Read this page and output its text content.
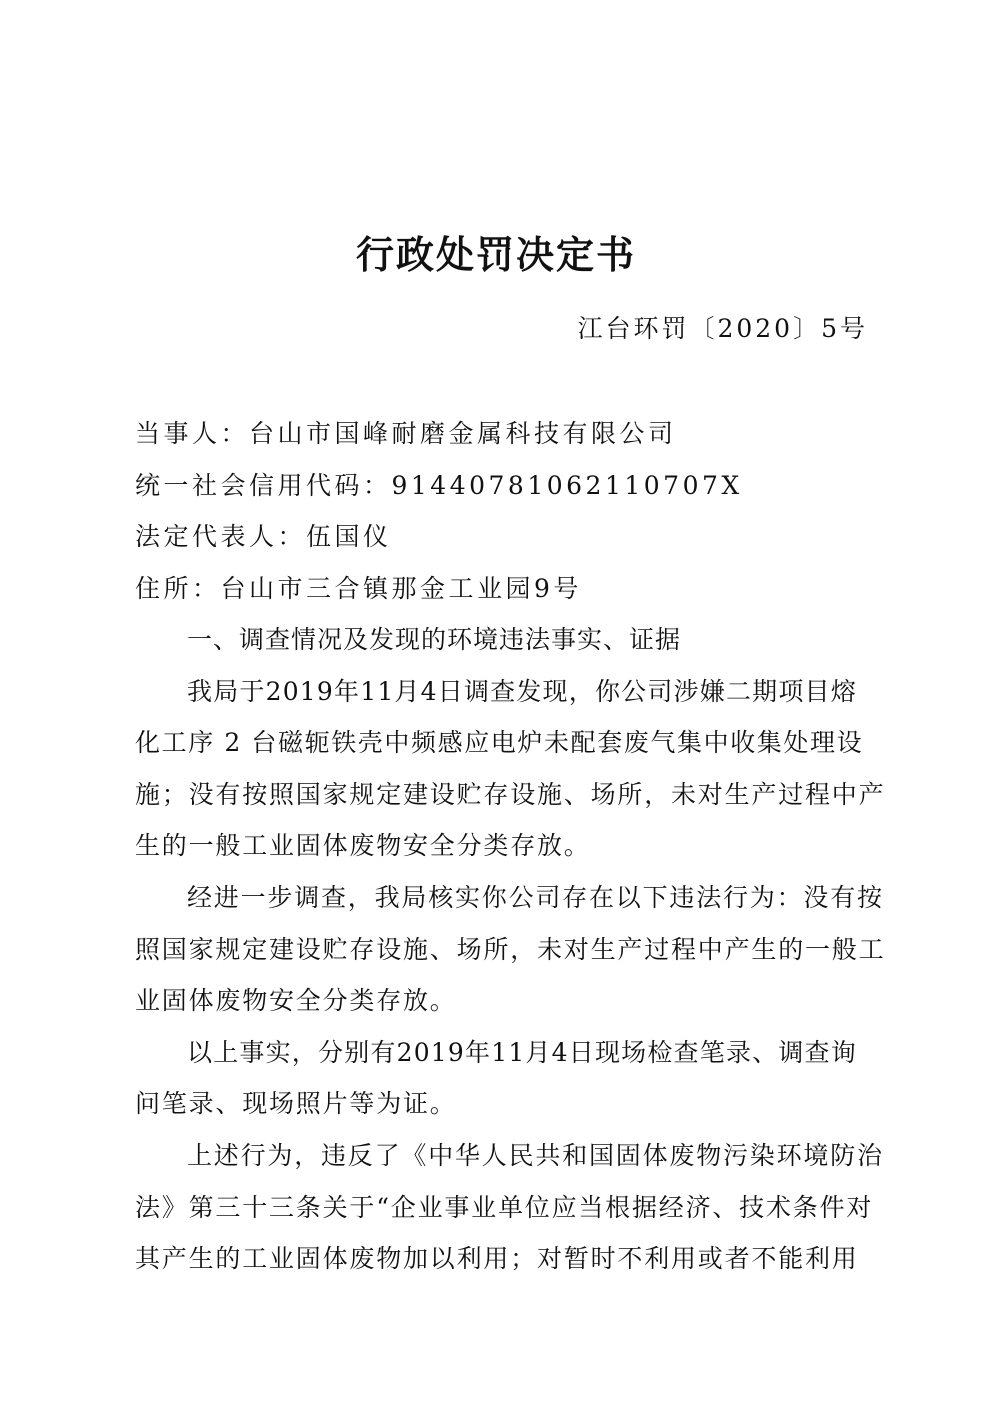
行政处罚决定书
江台环罚〔2020〕5号
当事人：台山市国峰耐磨金属科技有限公司
统一社会信用代码：91440781062110707X
法定代表人：伍国仪
住所：台山市三合镇那金工业园9号
一、调查情况及发现的环境违法事实、证据
我局于2019年11月4日调查发现，你公司涉嫌二期项目熔
化工序 2 台磁轭铁壳中频感应电炉未配套废气集中收集处理设
施；没有按照国家规定建设贮存设施、场所，未对生产过程中产
生的一般工业固体废物安全分类存放。
经进一步调查，我局核实你公司存在以下违法行为：没有按
照国家规定建设贮存设施、场所，未对生产过程中产生的一般工
业固体废物安全分类存放。
以上事实，分别有2019年11月4日现场检查笔录、调查询
问笔录、现场照片等为证。
上述行为，违反了《中华人民共和国固体废物污染环境防治
法》第三十三条关于“企业事业单位应当根据经济、技术条件对
其产生的工业固体废物加以利用；对暂时不利用或者不能利用
